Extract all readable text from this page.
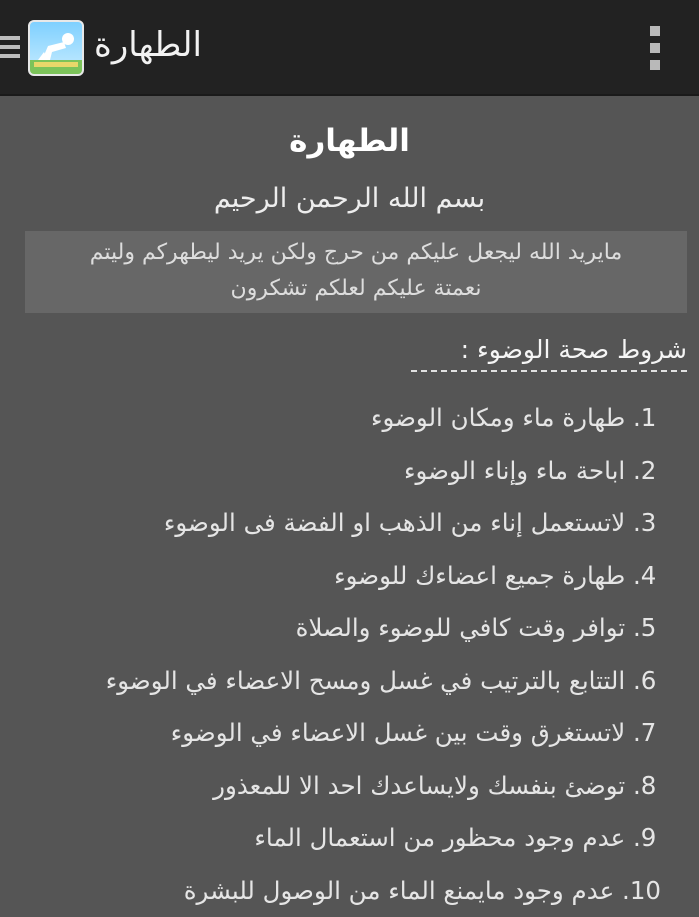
الطهارة
الطهارة
بسم الله الرحمن الرحيم
مايريد الله ليجعل عليكم من حرج ولكن يريد ليطهركم وليتم
نعمتة عليكم لعلكم تشكرون
شروط صحة الوضوء :
1. طهارة ماء ومكان الوضوء
2. اباحة ماء وإناء الوضوء
3. لاتستعمل إناء من الذهب او الفضة فى الوضوء
4. طهارة جميع اعضاءك للوضوء
5. توافر وقت كافي للوضوء والصلاة
6. التتابع بالترتيب في غسل ومسح الاعضاء في الوضوء
7. لاتستغرق وقت بين غسل الاعضاء في الوضوء
8. توضئ بنفسك ولايساعدك احد الا للمعذور
9. عدم وجود محظور من استعمال الماء
10. عدم وجود مايمنع الماء من الوصول للبشرة
